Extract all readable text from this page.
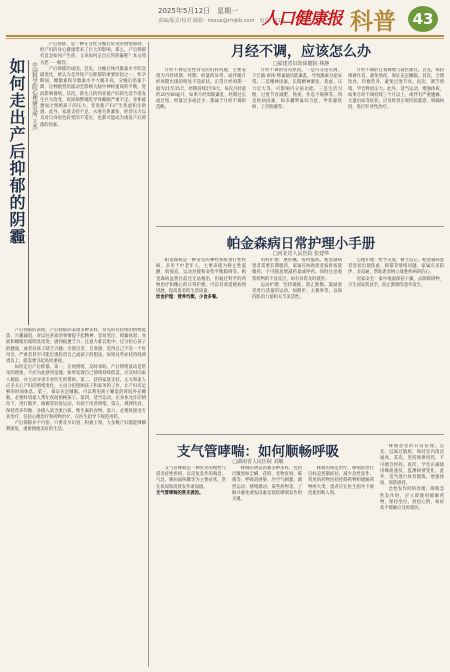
2025年5月12日　星期一
责编/版式/校对 邮箱：kexue@rmjkb.com　电话：010-
人口健康报 科普	43
如何走出产后抑郁的阴霾 中国科学院心理研究所 王杰

产后抑郁，是一种在女性分娩后常见的情绪障碍，给产妇的身心健康带来了巨大的影响。那么，产后抑郁究竟是如何产生的，又该如何走出它的阴霾呢？本文将为您一一解答。

产后抑郁的成因。首先，分娩后体内激素水平的急剧变化，被认为是导致产后抑郁的重要原因之一。怀孕期间，雌激素和孕激素水平大幅升高，分娩后迅速下降，这种剧烈的波动会影响大脑中神经递质的平衡，进而影响情绪。其次，新生儿的到来使产妇的生活节奏发生巨大改变，夜间频繁哺乳导致睡眠严重不足，身体疲惫加之照顾孩子的压力，容易使产妇产生焦虑和无助感。此外，家庭支持不足、夫妻关系紧张、经济压力以及对自身角色转变的不适应，也都可能成为诱发产后抑郁的因素。

产后抑郁的表现。产后抑郁的表现多种多样，常见的有持续的情绪低落、兴趣减退、对以往喜欢的事情提不起精神；容易哭泣、烦躁易怒；食欲和睡眠出现明显改变；感到疲惫乏力、注意力难以集中；过分担心孩子的健康，或者对孩子缺乏兴趣；出现自责、自罪感，觉得自己不是一个好母亲。严重者甚至可能出现伤害自己或孩子的想法。如果这些症状持续两周以上，就需要引起高度重视。

如何走出产后抑郁。第一，正视情绪，及时求助。产后情绪波动是常见的现象，不必为此感到羞愧。如果发现自己情绪持续低落，应及时向家人倾诉，并主动寻求专业医生的帮助。第二，获得家庭支持。丈夫和家人应多关心产妇的情绪变化，主动分担照顾孩子和家务的工作，让产妇有足够的时间休息。第三，保证充足睡眠。可以利用孩子睡觉的时间补充睡眠，必要时请家人帮忙夜间照顾孩子。第四，适当运动。在身体允许的情况下，进行散步、瑜伽等轻度运动，有助于改善情绪。第五，规律饮食。保持营养均衡，多摄入富含蛋白质、维生素的食物。第六，必要时接受专业治疗，包括心理治疗和药物治疗，在医生指导下规范用药。

产后抑郁并不可怕，只要及早识别、积极干预，大多数产妇都能够顺利康复，重新拥抱美好的生活。

月经不调，应该怎么办
□福建省妇幼保健院 林静

月经不调是女性常见的妇科问题，主要表现为月经周期、经期、经量的异常，或伴随月经周期出现的明显不适症状。正常月经周期一般为21至35天，经期持续2至8天，每次月经量约20至60毫升。如果月经周期紊乱、经期过长或过短、经量过多或过少，都属于月经不调的范畴。

月经不调的常见原因。一是内分泌失调，下丘脑-垂体-卵巢轴功能紊乱，导致激素分泌异常。二是精神因素，长期精神紧张、焦虑、压力过大等，可影响内分泌功能。三是生活习惯，过度节食减肥、熬夜、作息不规律等。四是疾病因素，如多囊卵巢综合征、甲状腺疾病、子宫肌瘤等。

月经不调的自我调理与就医建议。首先，保持规律作息，避免熬夜，保证充足睡眠。其次，合理饮食，均衡营养，避免过度节食。再次，调节情绪，学会释放压力。此外，适当运动，增强体质。如果月经不调持续三个月以上，或伴有严重腹痛、大量出血等症状，应及时到正规医院就诊，明确病因，进行针对性治疗。

帕金森病日常护理小手册
□河北省人民医院 张建华

帕金森病是一种常见的神经系统退行性疾病，多见于中老年人，主要表现为静止性震颤、肌强直、运动迟缓和姿势平衡障碍等。帕金森病虽然目前还无法根治，但通过科学的药物治疗和精心的日常护理，可以有效延缓病情进展，提高患者的生活质量。

饮食护理：营养均衡，少食多餐。

用药护理：遵医嘱，按时服药。帕金森病患者需要长期服药，家属应协助患者按时按量服药，不可随意增减药量或停药。同时注意观察药物的不良反应，如有异常及时就医。

运动护理：坚持锻炼，防止跌倒。鼓励患者进行适量的运动，如散步、太极拳等，以保持肌肉力量和关节灵活性。

心理护理：给予关爱，树立信心。帕金森病患者容易出现焦虑、抑郁等情绪问题，家属应多陪伴、多沟通，帮助患者树立战胜疾病的信心。

居家安全：家中地面保持干燥，去除障碍物，卫生间安装扶手，防止跌倒等意外发生。

支气管哮喘：如何顺畅呼吸
□湖南省人民医院 刘敏

支气管哮喘是一种常见的慢性气道炎症性疾病，以反复发作的喘息、气急、胸闷或咳嗽等为主要症状，常在夜间和清晨发作或加剧。

支气管哮喘的常见诱因。

哮喘的诱发因素多种多样，包括过敏原如尘螨、花粉、宠物皮屑、霉菌等；呼吸道感染；冷空气刺激；剧烈运动；情绪激动；某些药物等。了解并避免诱发因素是预防哮喘发作的关键。

哮喘的规范治疗。哮喘的治疗目标是控制症状，减少急性发作。常用的药物包括控制药物和缓解药物两大类，患者应在医生指导下规范使用吸入剂。

哮喘患者的日常管理。首先，远离过敏原，保持室内清洁通风。其次，坚持规律用药，不可擅自停药。再次，学会正确使用峰流速仪，监测病情变化。此外，适当进行体育锻炼，增强体质，预防感冒。

急性发作时的处理。哮喘急性发作时，应立即使用缓解药物，保持坐位，放松心情，如症状不缓解应及时就医。
